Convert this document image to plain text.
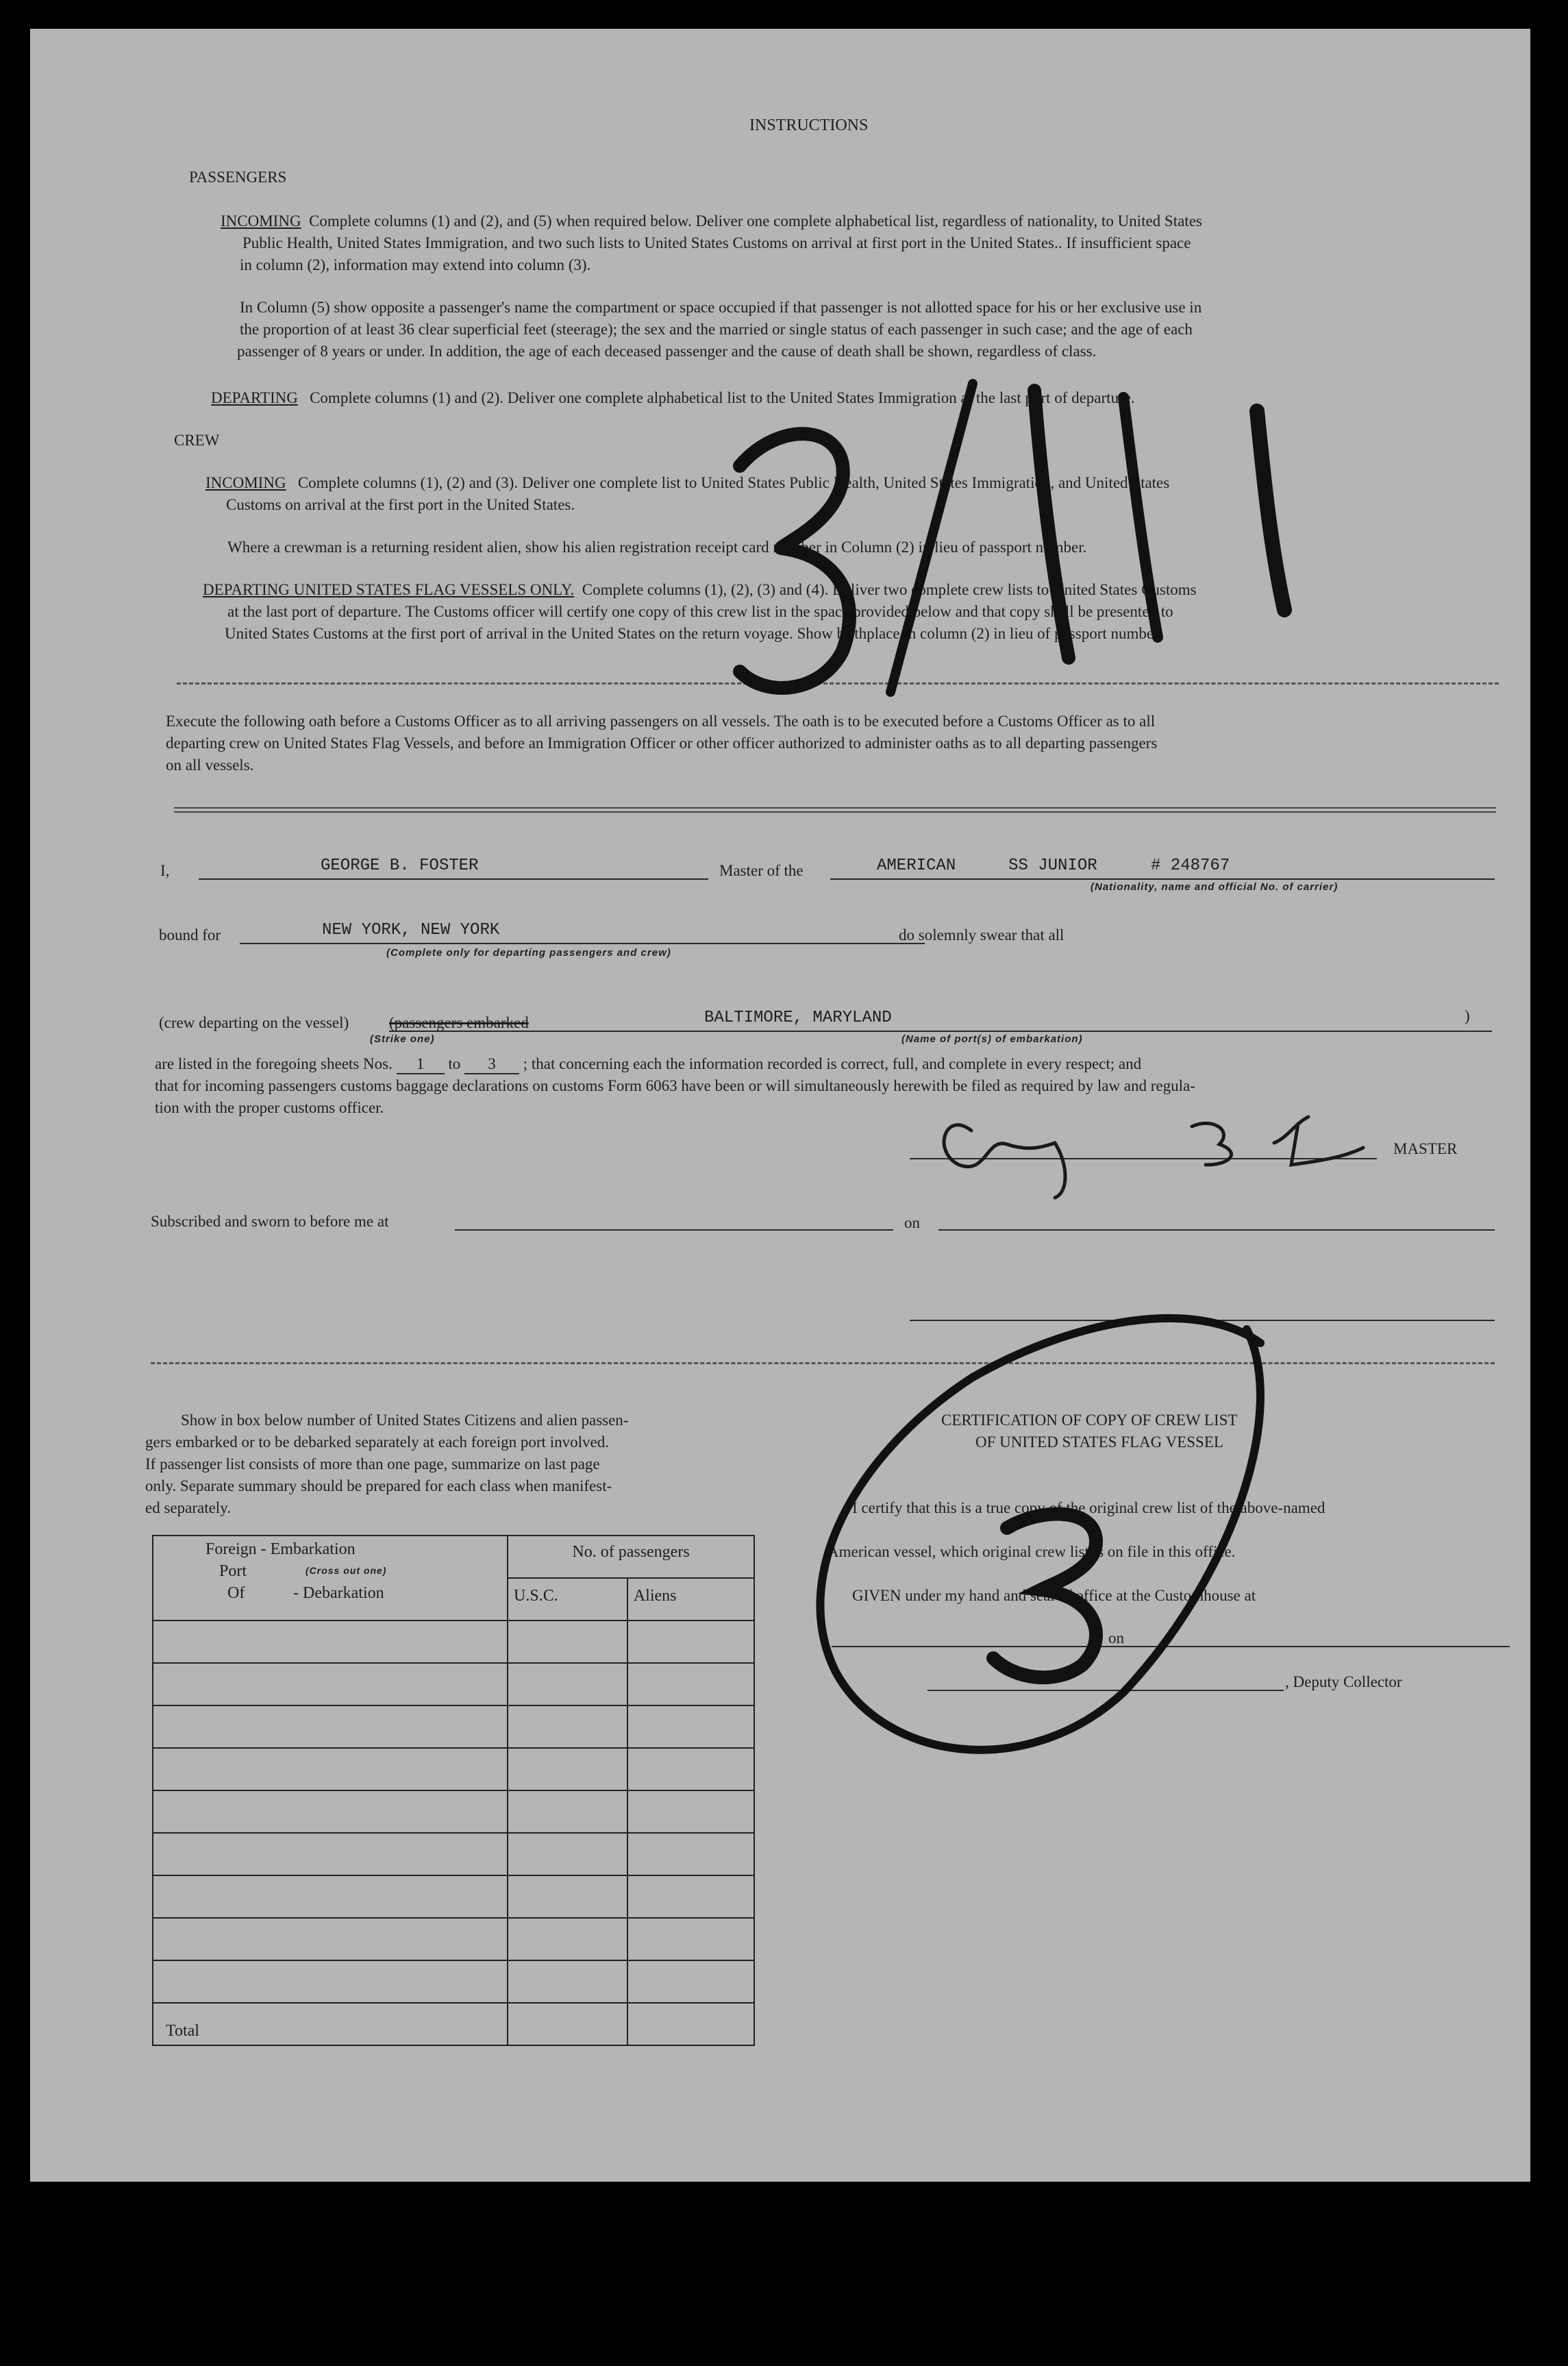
INSTRUCTIONS
PASSENGERS
INCOMING Complete columns (1) and (2), and (5) when required below. Deliver one complete alphabetical list, regardless of nationality, to United States
Public Health, United States Immigration, and two such lists to United States Customs on arrival at first port in the United States.. If insufficient space
in column (2), information may extend into column (3).
In Column (5) show opposite a passenger's name the compartment or space occupied if that passenger is not allotted space for his or her exclusive use in
the proportion of at least 36 clear superficial feet (steerage); the sex and the married or single status of each passenger in such case; and the age of each
passenger of 8 years or under. In addition, the age of each deceased passenger and the cause of death shall be shown, regardless of class.
DEPARTING Complete columns (1) and (2). Deliver one complete alphabetical list to the United States Immigration at the last port of departure.
CREW
INCOMING Complete columns (1), (2) and (3). Deliver one complete list to United States Public Health, United States Immigration, and United States
Customs on arrival at the first port in the United States.
Where a crewman is a returning resident alien, show his alien registration receipt card number in Column (2) in lieu of passport number.
DEPARTING UNITED STATES FLAG VESSELS ONLY. Complete columns (1), (2), (3) and (4). Deliver two complete crew lists to United States Customs
at the last port of departure. The Customs officer will certify one copy of this crew list in the space provided below and that copy shall be presented to
United States Customs at the first port of arrival in the United States on the return voyage. Show birthplace in column (2) in lieu of passport number.
Execute the following oath before a Customs Officer as to all arriving passengers on all vessels. The oath is to be executed before a Customs Officer as to all
departing crew on United States Flag Vessels, and before an Immigration Officer or other officer authorized to administer oaths as to all departing passengers
on all vessels.
I,	GEORGE B. FOSTER	Master of the	AMERICAN	SS JUNIOR	# 248767
(Nationality, name and official No. of carrier)
bound for	NEW YORK, NEW YORK
(Complete only for departing passengers and crew)
do solemnly swear that all
(crew departing on the vessel)	(passengers embarked	BALTIMORE, MARYLAND	)
(Strike one)	(Name of port(s) of embarkation)
are listed in the foregoing sheets Nos. 1 to 3 ; that concerning each the information recorded is correct, full, and complete in every respect; and
that for incoming passengers customs baggage declarations on customs Form 6063 have been or will simultaneously herewith be filed as required by law and regula-
tion with the proper customs officer.
MASTER
Subscribed and sworn to before me at	on
Show in box below number of United States Citizens and alien passen-
gers embarked or to be debarked separately at each foreign port involved.
If passenger list consists of more than one page, summarize on last page
only. Separate summary should be prepared for each class when manifest-
ed separately.
Foreign - Embarkation
Port (Cross out one)
Of - Debarkation	No. of passengers	
	U.S.C.	Aliens

Total		
CERTIFICATION OF COPY OF CREW LIST
OF UNITED STATES FLAG VESSEL
I certify that this is a true copy of the original crew list of the above-named
American vessel, which original crew list is on file in this office.
GIVEN under my hand and seal of office at the Customhouse at
on
, Deputy Collector
